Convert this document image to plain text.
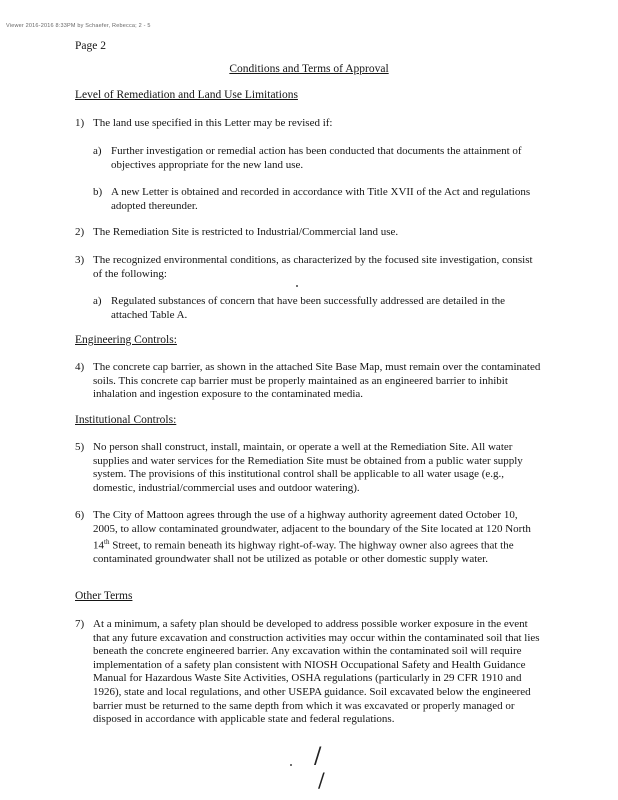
Viewer 2016-2016 8:33PM by Schaefer, Rebecca; 2 - 5
Page 2
Conditions and Terms of Approval
Level of Remediation and Land Use Limitations
1) The land use specified in this Letter may be revised if:
a) Further investigation or remedial action has been conducted that documents the attainment of objectives appropriate for the new land use.
b) A new Letter is obtained and recorded in accordance with Title XVII of the Act and regulations adopted thereunder.
2) The Remediation Site is restricted to Industrial/Commercial land use.
3) The recognized environmental conditions, as characterized by the focused site investigation, consist of the following:
a) Regulated substances of concern that have been successfully addressed are detailed in the attached Table A.
Engineering Controls:
4) The concrete cap barrier, as shown in the attached Site Base Map, must remain over the contaminated soils. This concrete cap barrier must be properly maintained as an engineered barrier to inhibit inhalation and ingestion exposure to the contaminated media.
Institutional Controls:
5) No person shall construct, install, maintain, or operate a well at the Remediation Site. All water supplies and water services for the Remediation Site must be obtained from a public water supply system. The provisions of this institutional control shall be applicable to all water usage (e.g., domestic, industrial/commercial uses and outdoor watering).
6) The City of Mattoon agrees through the use of a highway authority agreement dated October 10, 2005, to allow contaminated groundwater, adjacent to the boundary of the Site located at 120 North 14th Street, to remain beneath its highway right-of-way. The highway owner also agrees that the contaminated groundwater shall not be utilized as potable or other domestic supply water.
Other Terms
7) At a minimum, a safety plan should be developed to address possible worker exposure in the event that any future excavation and construction activities may occur within the contaminated soil that lies beneath the concrete engineered barrier. Any excavation within the contaminated soil will require implementation of a safety plan consistent with NIOSH Occupational Safety and Health Guidance Manual for Hazardous Waste Site Activities, OSHA regulations (particularly in 29 CFR 1910 and 1926), state and local regulations, and other USEPA guidance. Soil excavated below the engineered barrier must be returned to the same depth from which it was excavated or properly managed or disposed in accordance with applicable state and federal regulations.
/
/
